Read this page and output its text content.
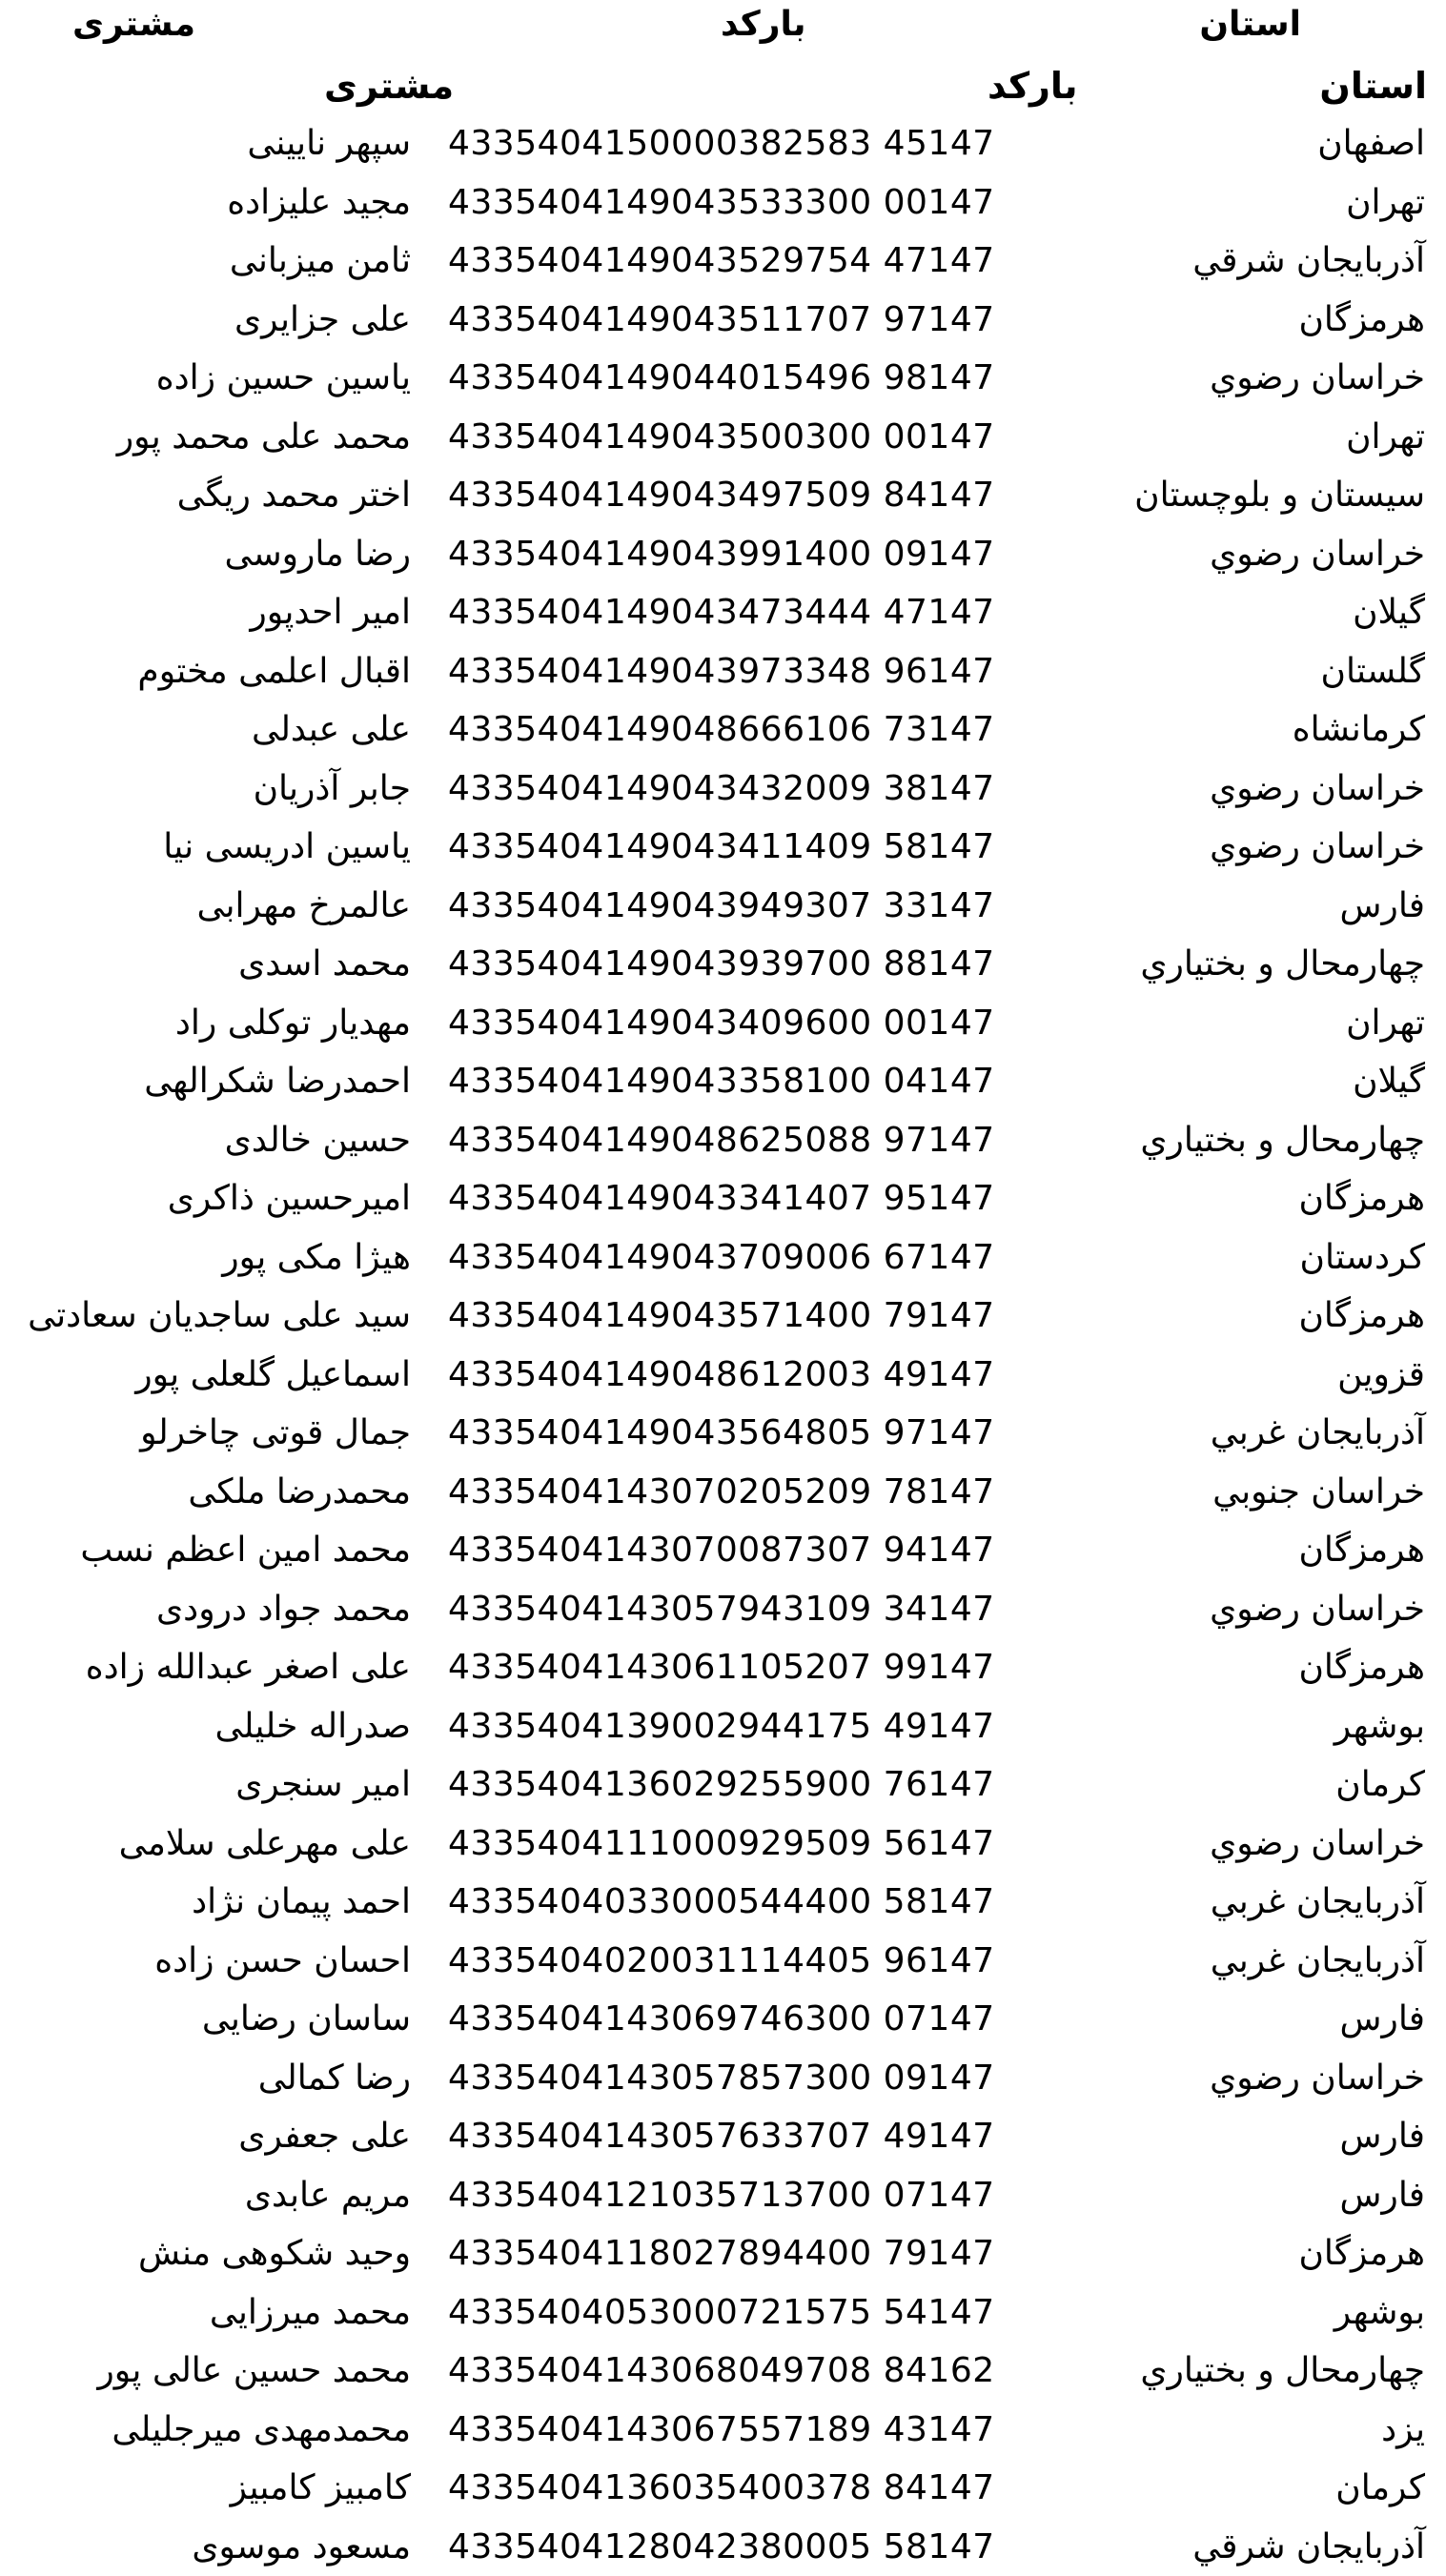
استان
بارکد
مشتری
استان
بارکد
مشتری
اصفهان
4335404150000382583 45147
سپهر نایینی
تهران
4335404149043533300 00147
مجید علیزاده
آذربایجان شرقي
4335404149043529754 47147
ثامن میزبانی
هرمزگان
4335404149043511707 97147
علی جزایری
خراسان رضوي
4335404149044015496 98147
یاسین حسین زاده
تهران
4335404149043500300 00147
محمد علی محمد پور
سیستان و بلوچستان
4335404149043497509 84147
اختر محمد ریگی
خراسان رضوي
4335404149043991400 09147
رضا ماروسی
گیلان
4335404149043473444 47147
امیر احدپور
گلستان
4335404149043973348 96147
اقبال اعلمی مختوم
کرمانشاه
4335404149048666106 73147
علی عبدلی
خراسان رضوي
4335404149043432009 38147
جابر آذریان
خراسان رضوي
4335404149043411409 58147
یاسین ادریسی نیا
فارس
4335404149043949307 33147
عالمرخ مهرابی
چهارمحال و بختیاري
4335404149043939700 88147
محمد اسدی
تهران
4335404149043409600 00147
مهدیار توکلی راد
گیلان
4335404149043358100 04147
احمدرضا شکرالهی
چهارمحال و بختیاري
4335404149048625088 97147
حسین خالدی
هرمزگان
4335404149043341407 95147
امیرحسین ذاکری
کردستان
4335404149043709006 67147
هیژا مکی پور
هرمزگان
4335404149043571400 79147
سید علی ساجدیان سعادتی
قزوین
4335404149048612003 49147
اسماعیل گلعلی پور
آذربایجان غربي
4335404149043564805 97147
جمال قوتی چاخرلو
خراسان جنوبي
4335404143070205209 78147
محمدرضا ملکی
هرمزگان
4335404143070087307 94147
محمد امین اعظم نسب
خراسان رضوي
4335404143057943109 34147
محمد جواد درودی
هرمزگان
4335404143061105207 99147
علی اصغر عبدالله زاده
بوشهر
4335404139002944175 49147
صدراله خلیلی
کرمان
4335404136029255900 76147
امیر سنجری
خراسان رضوي
4335404111000929509 56147
علی مهرعلی سلامی
آذربایجان غربي
4335404033000544400 58147
احمد پیمان نژاد
آذربایجان غربي
4335404020031114405 96147
احسان حسن زاده
فارس
4335404143069746300 07147
ساسان رضایی
خراسان رضوي
4335404143057857300 09147
رضا کمالی
فارس
4335404143057633707 49147
علی جعفری
فارس
4335404121035713700 07147
مریم عابدی
هرمزگان
4335404118027894400 79147
وحید شکوهی منش
بوشهر
4335404053000721575 54147
محمد میرزایی
چهارمحال و بختیاري
4335404143068049708 84162
محمد حسین عالی پور
یزد
4335404143067557189 43147
محمدمهدی میرجلیلی
کرمان
4335404136035400378 84147
کامبیز کامبیز
آذربایجان شرقي
4335404128042380005 58147
مسعود موسوی
